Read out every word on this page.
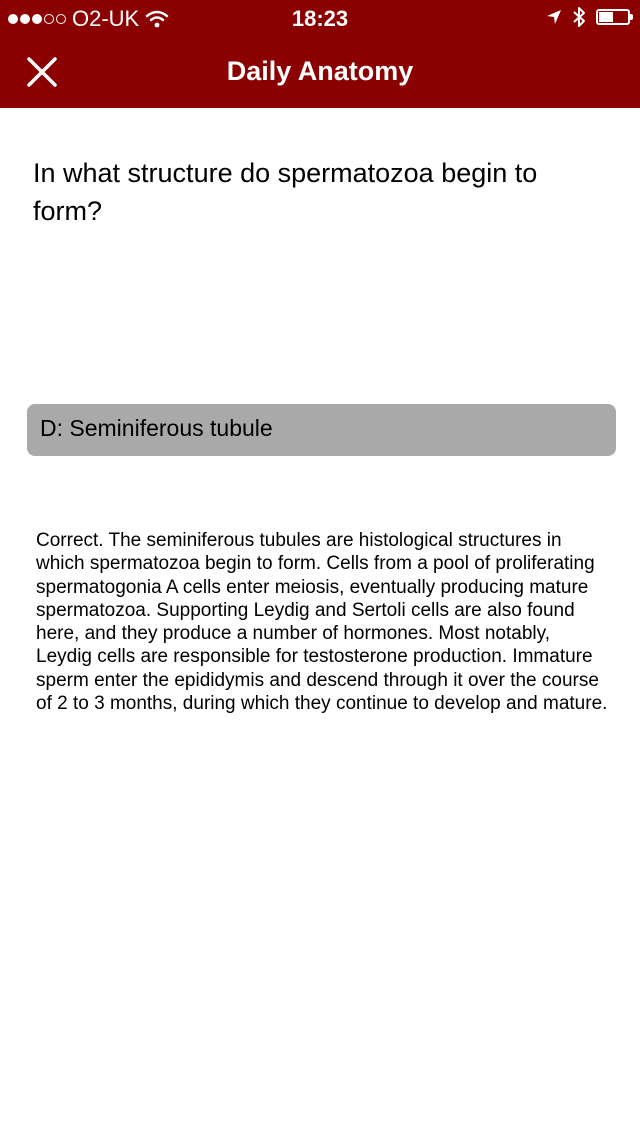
O2-UK	18:23
Daily Anatomy
In what structure do spermatozoa begin to form?
D: Seminiferous tubule
Correct. The seminiferous tubules are histological structures in which spermatozoa begin to form. Cells from a pool of proliferating spermatogonia A cells enter meiosis, eventually producing mature spermatozoa. Supporting Leydig and Sertoli cells are also found here, and they produce a number of hormones. Most notably, Leydig cells are responsible for testosterone production. Immature sperm enter the epididymis and descend through it over the course of 2 to 3 months, during which they continue to develop and mature.
